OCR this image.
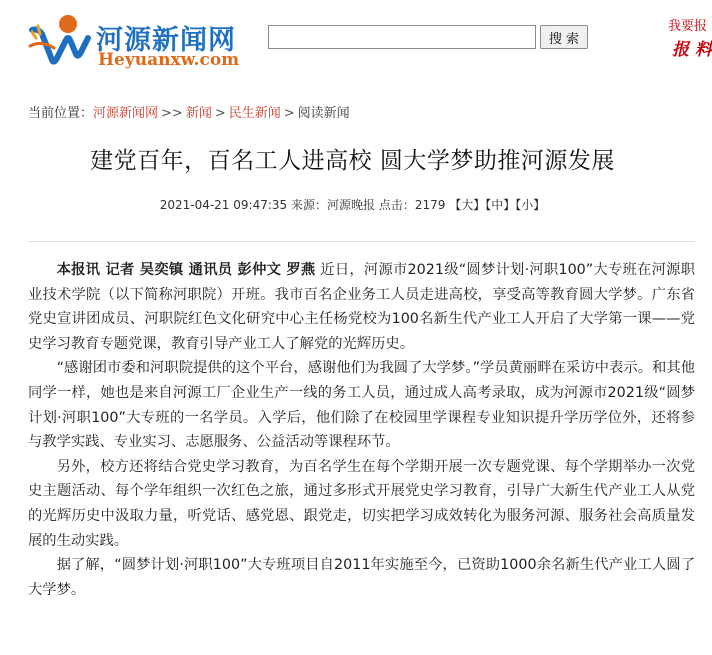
河源新闻网
Heyuanxw.com
搜 索
我要报
报 料
当前位置：河源新闻网 >> 新闻 > 民生新闻 > 阅读新闻
建党百年，百名工人进高校 圆大学梦助推河源发展
2021-04-21 09:47:35 来源：河源晚报 点击：2179 【大】【中】【小】

本报讯 记者 吴奕镇 通讯员 彭仲文 罗燕 近日，河源市2021级“圆梦计划·河职100”大专班在河源职业技术学院（以下简称河职院）开班。我市百名企业务工人员走进高校，享受高等教育圆大学梦。广东省党史宣讲团成员、河职院红色文化研究中心主任杨党校为100名新生代产业工人开启了大学第一课——党史学习教育专题党课，教育引导产业工人了解党的光辉历史。

“感谢团市委和河职院提供的这个平台，感谢他们为我圆了大学梦。”学员黄丽畔在采访中表示。和其他同学一样，她也是来自河源工厂企业生产一线的务工人员，通过成人高考录取，成为河源市2021级“圆梦计划·河职100”大专班的一名学员。入学后，他们除了在校园里学课程专业知识提升学历学位外，还将参与教学实践、专业实习、志愿服务、公益活动等课程环节。

另外，校方还将结合党史学习教育，为百名学生在每个学期开展一次专题党课、每个学期举办一次党史主题活动、每个学年组织一次红色之旅，通过多形式开展党史学习教育，引导广大新生代产业工人从党的光辉历史中汲取力量，听党话、感党恩、跟党走，切实把学习成效转化为服务河源、服务社会高质量发展的生动实践。

据了解，“圆梦计划·河职100”大专班项目自2011年实施至今，已资助1000余名新生代产业工人圆了大学梦。
